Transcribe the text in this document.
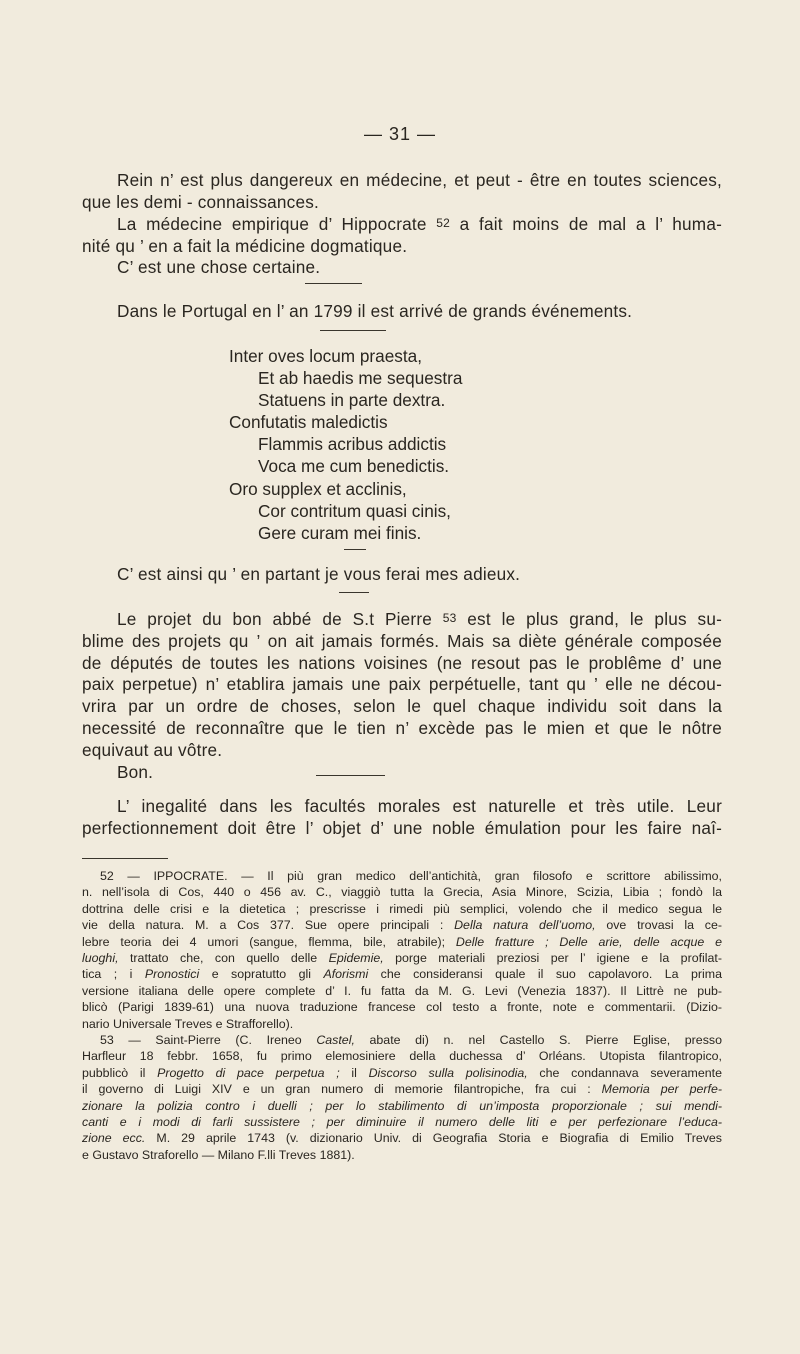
— 31 —

Rein n’ est plus dangereux en médecine, et peut - être en toutes sciences,

que les demi - connaissances.

La médecine empirique d’ Hippocrate $^{52}$ a fait moins de mal a l’ huma-

nité qu ’ en a fait la médicine dogmatique.

C’ est une chose certaine.

Dans le Portugal en l’ an 1799 il est arrivé de grands événements.

Inter oves locum praesta,
Et ab haedis me sequestra
Statuens in parte dextra.
Confutatis maledictis
Flammis acribus addictis
Voca me cum benedictis.
Oro supplex et acclinis,
Cor contritum quasi cinis,
Gere curam mei finis.

C’ est ainsi qu ’ en partant je vous ferai mes adieux.

Le projet du bon abbé de S.t Pierre $^{53}$ est le plus grand, le plus su-

blime des projets qu ’ on ait jamais formés. Mais sa diète générale composée

de députés de toutes les nations voisines (ne resout pas le problême d’ une

paix perpetue) n’ etablira jamais une paix perpétuelle, tant qu ’ elle ne décou-

vrira par un ordre de choses, selon le quel chaque individu soit dans la

necessité de reconnaître que le tien n’ excède pas le mien et que le nôtre

equivaut au vôtre.

Bon.

L’ inegalité dans les facultés morales est naturelle et très utile. Leur

perfectionnement doit être l’ objet d’ une noble émulation pour les faire naî-

52 — IPPOCRATE. — Il più gran medico dell’antichità, gran filosofo e scrittore abilissimo,

n. nell’isola di Cos, 440 o 456 av. C., viaggiò tutta la Grecia, Asia Minore, Scizia, Libia ; fondò la

dottrina delle crisi e la dietetica ; prescrisse i rimedi più semplici, volendo che il medico segua le

vie della natura. M. a Cos 377. Sue opere principali : Della natura dell’uomo, ove trovasi la ce-

lebre teoria dei 4 umori (sangue, flemma, bile, atrabile); Delle fratture ; Delle arie, delle acque e

luoghi, trattato che, con quello delle Epidemie, porge materiali preziosi per l’ igiene e la profilat-

tica ; i Pronostici e sopratutto gli Aforismi che consideransi quale il suo capolavoro. La prima

versione italiana delle opere complete d’ I. fu fatta da M. G. Levi (Venezia 1837). Il Littrè ne pub-

blicò (Parigi 1839-61) una nuova traduzione francese col testo a fronte, note e commentarii. (Dizio-

nario Universale Treves e Strafforello).

53 — Saint-Pierre (C. Ireneo Castel, abate di) n. nel Castello S. Pierre Eglise, presso

Harfleur 18 febbr. 1658, fu primo elemosiniere della duchessa d’ Orléans. Utopista filantropico,

pubblicò il Progetto di pace perpetua ; il Discorso sulla polisinodia, che condannava severamente

il governo di Luigi XIV e un gran numero di memorie filantropiche, fra cui : Memoria per perfe-

zionare la polizia contro i duelli ; per lo stabilimento di un’imposta proporzionale ; sui mendi-

canti e i modi di farli sussistere ; per diminuire il numero delle liti e per perfezionare l’educa-

zione ecc. M. 29 aprile 1743 (v. dizionario Univ. di Geografia Storia e Biografia di Emilio Treves

e Gustavo Straforello — Milano F.lli Treves 1881).
